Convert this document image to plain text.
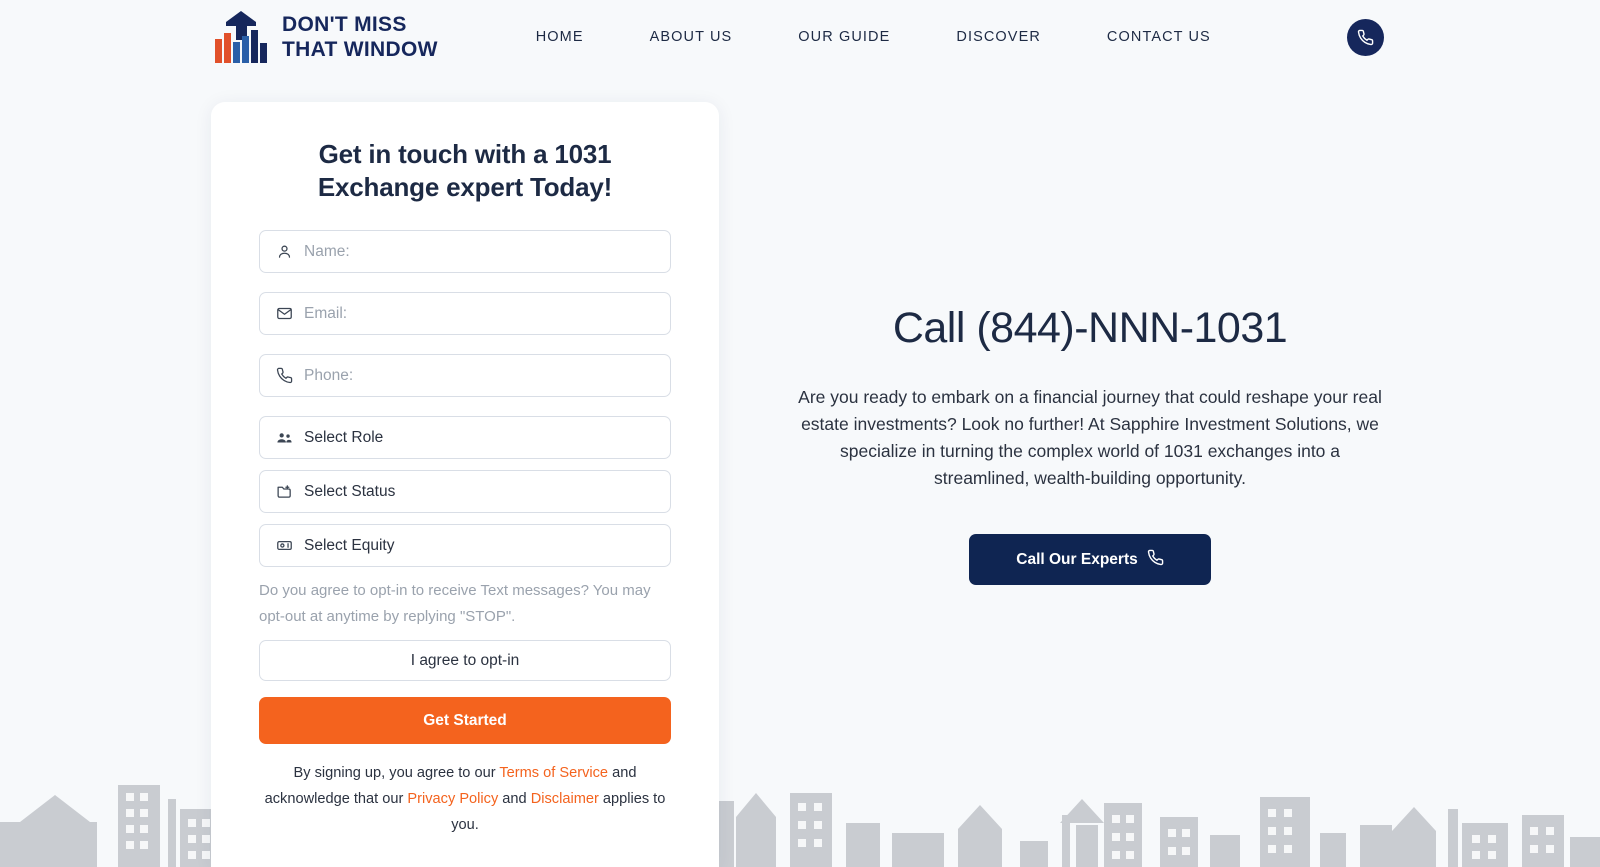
DON'T MISS
THAT WINDOW
HOME	ABOUT US	OUR GUIDE	DISCOVER	CONTACT US
Get in touch with a 1031 Exchange expert Today!
Name:
Email:
Phone:
Select Role
Select Status
Select Equity
Do you agree to opt-in to receive Text messages? You may opt-out at anytime by replying "STOP".
I agree to opt-in
Get Started
By signing up, you agree to our Terms of Service and acknowledge that our Privacy Policy and Disclaimer applies to you.
Call (844)-NNN-1031
Are you ready to embark on a financial journey that could reshape your real estate investments? Look no further! At Sapphire Investment Solutions, we specialize in turning the complex world of 1031 exchanges into a streamlined, wealth-building opportunity.
Call Our Experts
